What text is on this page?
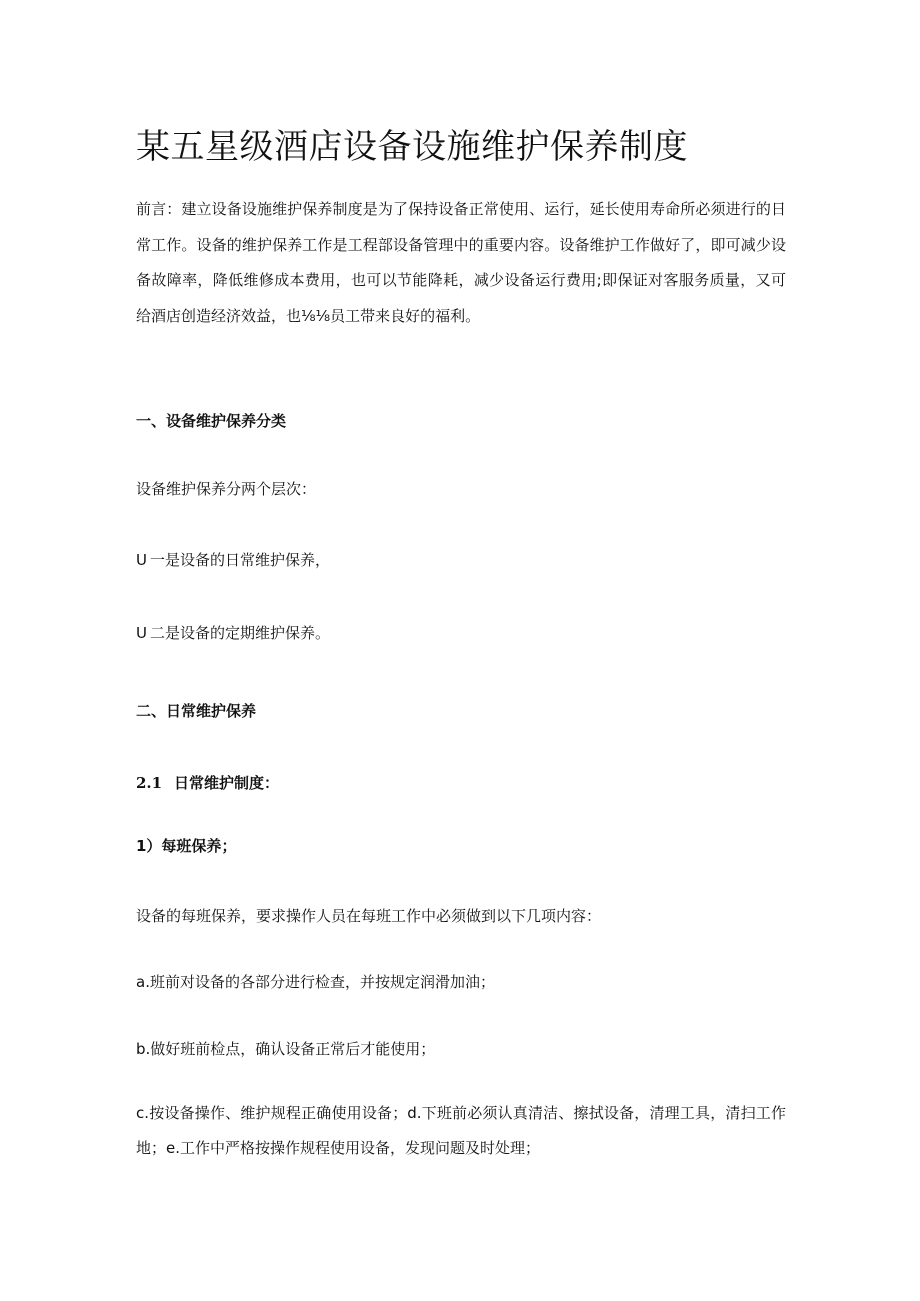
某五星级酒店设备设施维护保养制度

前言：建立设备设施维护保养制度是为了保持设备正常使用、运行，延长使用寿命所必须进行的日常工作。设备的维护保养工作是工程部设备管理中的重要内容。设备维护工作做好了，即可减少设备故障率，降低维修成本费用，也可以节能降耗，减少设备运行费用;即保证对客服务质量，又可给酒店创造经济效益，也⅛⅛员工带来良好的福利。

一、设备维护保养分类

设备维护保养分两个层次：

U 一是设备的日常维护保养，

U 二是设备的定期维护保养。

二、日常维护保养

2.1 日常维护制度：

1）每班保养；

设备的每班保养，要求操作人员在每班工作中必须做到以下几项内容：

a.班前对设备的各部分进行检查，并按规定润滑加油；

b.做好班前检点，确认设备正常后才能使用；

c.按设备操作、维护规程正确使用设备；d.下班前必须认真清洁、擦拭设备，清理工具，清扫工作地；e.工作中严格按操作规程使用设备，发现问题及时处理；
